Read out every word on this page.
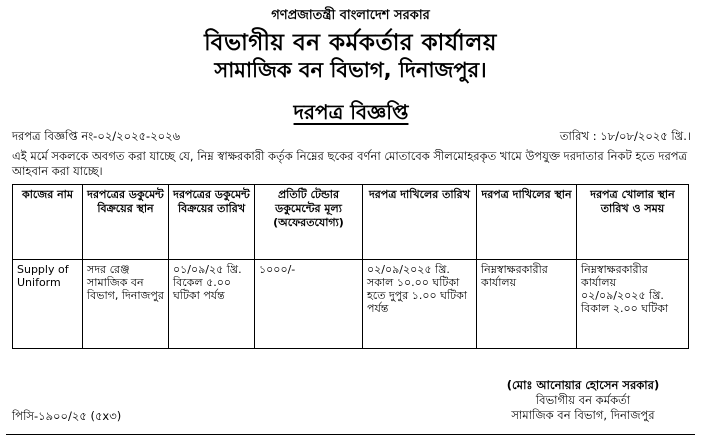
গণপ্রজাতন্ত্রী বাংলাদেশ সরকার
বিভাগীয় বন কর্মকর্তার কার্যালয়
সামাজিক বন বিভাগ, দিনাজপুর।
দরপত্র বিজ্ঞপ্তি
দরপত্র বিজ্ঞপ্তি নং-০২/২০২৫-২০২৬	তারিখ : ১৮/০৮/২০২৫ খ্রি.।
এই মর্মে সকলকে অবগত করা যাচ্ছে যে, নিম্ন স্বাক্ষরকারী কর্তৃক নিম্নের ছকের বর্ণনা মোতাবেক সীলমোহরকৃত খামে উপযুক্ত দরদাতার নিকট হতে দরপত্র আহবান করা যাচ্ছে।
কাজের নাম	দরপত্রের ডকুমেন্ট বিক্রয়ের স্থান	দরপত্রের ডকুমেন্ট বিক্রয়ের তারিখ	প্রতিটি টেন্ডার ডকুমেন্টের মূল্য (অফেরতযোগ্য)	দরপত্র দাখিলের তারিখ	দরপত্র দাখিলের স্থান	দরপত্র খোলার স্থান তারিখ ও সময়
Supply of Uniform	সদর রেঞ্জ সামাজিক বন বিভাগ, দিনাজপুর	০১/০৯/২৫ খ্রি. বিকেল ৫.০০ ঘটিকা পর্যন্ত	১০০০/-	০২/০৯/২০২৫ খ্রি. সকাল ১০.০০ ঘটিকা হতে দুপুর ১.০০ ঘটিকা পর্যন্ত	নিম্নস্বাক্ষরকারীর কার্যালয়	নিম্নস্বাক্ষরকারীর কার্যালয় ০২/০৯/২০২৫ খ্রি. বিকাল ২.০০ ঘটিকা
(মোঃ আনোয়ার হোসেন সরকার)
বিভাগীয় বন কর্মকর্তা
সামাজিক বন বিভাগ, দিনাজপুর
পিসি-১৯০০/২৫ (৫x৩)
